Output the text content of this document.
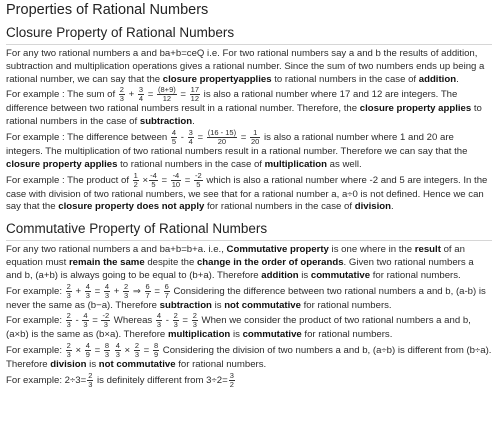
Properties of Rational Numbers
Closure Property of Rational Numbers

For any two rational numbers a and ba+b=ceQ i.e. For two rational numbers say a and b the results of addition, subtraction and multiplication operations gives a rational number. Since the sum of two numbers ends up being a rational number, we can say that the closure propertyapplies to rational numbers in the case of addition.

For example : The sum of $\frac{2}{3} + \frac{3}{4} = \frac{(8+9)}{12} = \frac{17}{12}$ is also a rational number where 17 and 12 are integers. The difference between two rational numbers result in a rational number. Therefore, the closure property applies to rational numbers in the case of subtraction.

For example : The difference between $\frac{4}{5} - \frac{3}{4} = \frac{(16 - 15)}{20} = \frac{1}{20}$ is also a rational number where 1 and 20 are integers. The multiplication of two rational numbers result in a rational number. Therefore we can say that the closure property applies to rational numbers in the case of multiplication as well.

For example : The product of $\frac{1}{2} \times \frac{-4}{5} = \frac{-4}{10} = \frac{-2}{5}$ which is also a rational number where -2 and 5 are integers. In the case with division of two rational numbers, we see that for a rational number a, a÷0 is not defined. Hence we can say that the closure property does not apply for rational numbers in the case of division.

Commutative Property of Rational Numbers

For any two rational numbers a and ba+b=b+a. i.e., Commutative property is one where in the result of an equation must remain the same despite the change in the order of operands. Given two rational numbers a and b, (a+b) is always going to be equal to (b+a). Therefore addition is commutative for rational numbers.

For example: $\frac{2}{3} + \frac{4}{3} = \frac{4}{3} + \frac{2}{3}$ ⇒ $\frac{6}{7} = \frac{6}{7}$ Considering the difference between two rational numbers a and b, (a-b) is never the same as (b−a). Therefore subtraction is not commutative for rational numbers.

For example: $\frac{2}{3} - \frac{4}{3} = \frac{-2}{3}$ Whereas $\frac{4}{3} - \frac{2}{3} = \frac{2}{3}$ When we consider the product of two rational numbers a and b, (a×b) is the same as (b×a). Therefore multiplication is commutative for rational numbers.

For example: $\frac{2}{3} \times \frac{4}{9} = \frac{8}{3}$
$\frac{4}{3} \times \frac{2}{3} = \frac{8}{9}$ Considering the division of two numbers a and b, (a÷b) is different from (b÷a). Therefore division is not commutative for rational numbers.

For example: $2\div 3= \frac{2}{3}$ is definitely different from $3\div 2= \frac{3}{2}$
